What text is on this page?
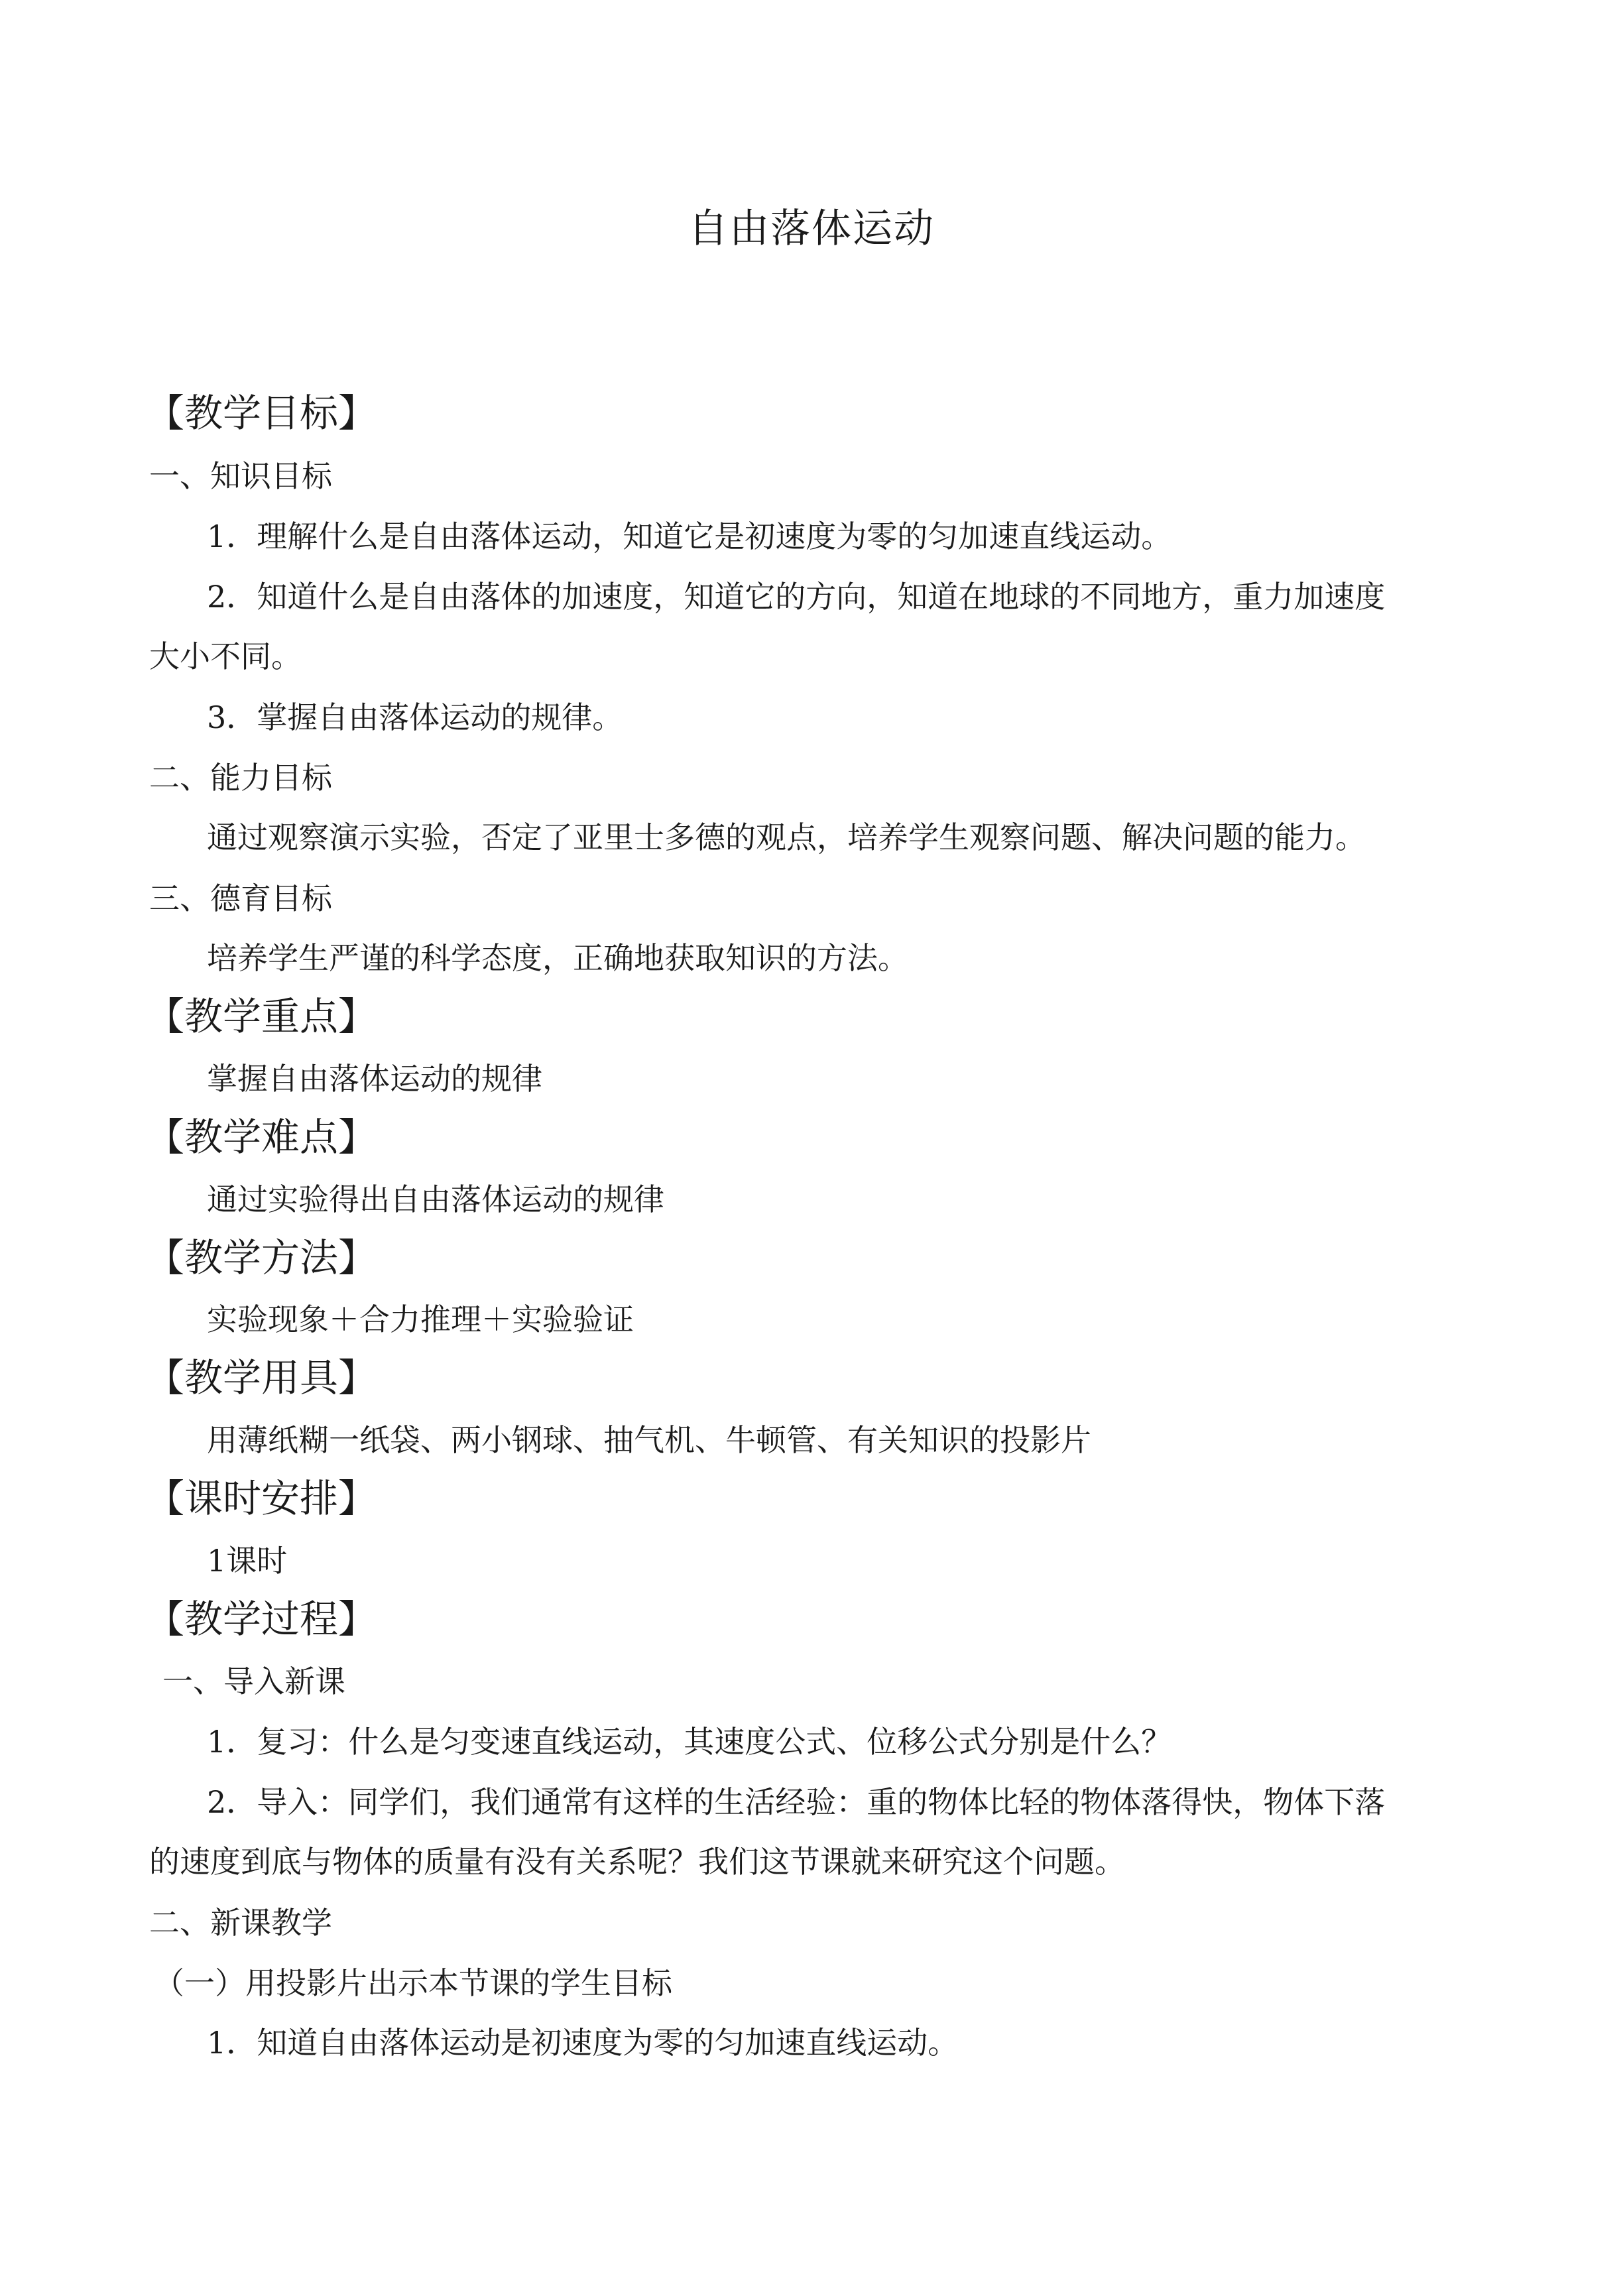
自由落体运动
【教学目标】
一、知识目标
1．理解什么是自由落体运动，知道它是初速度为零的匀加速直线运动。
2．知道什么是自由落体的加速度，知道它的方向，知道在地球的不同地方，重力加速度
大小不同。
3．掌握自由落体运动的规律。
二、能力目标
通过观察演示实验，否定了亚里士多德的观点，培养学生观察问题、解决问题的能力。
三、德育目标
培养学生严谨的科学态度，正确地获取知识的方法。
【教学重点】
掌握自由落体运动的规律
【教学难点】
通过实验得出自由落体运动的规律
【教学方法】
实验现象＋合力推理＋实验验证
【教学用具】
用薄纸糊一纸袋、两小钢球、抽气机、牛顿管、有关知识的投影片
【课时安排】
1课时
【教学过程】
一、导入新课
1．复习：什么是匀变速直线运动，其速度公式、位移公式分别是什么？
2．导入：同学们，我们通常有这样的生活经验：重的物体比轻的物体落得快，物体下落
的速度到底与物体的质量有没有关系呢？我们这节课就来研究这个问题。
二、新课教学
（一）用投影片出示本节课的学生目标
1．知道自由落体运动是初速度为零的匀加速直线运动。
